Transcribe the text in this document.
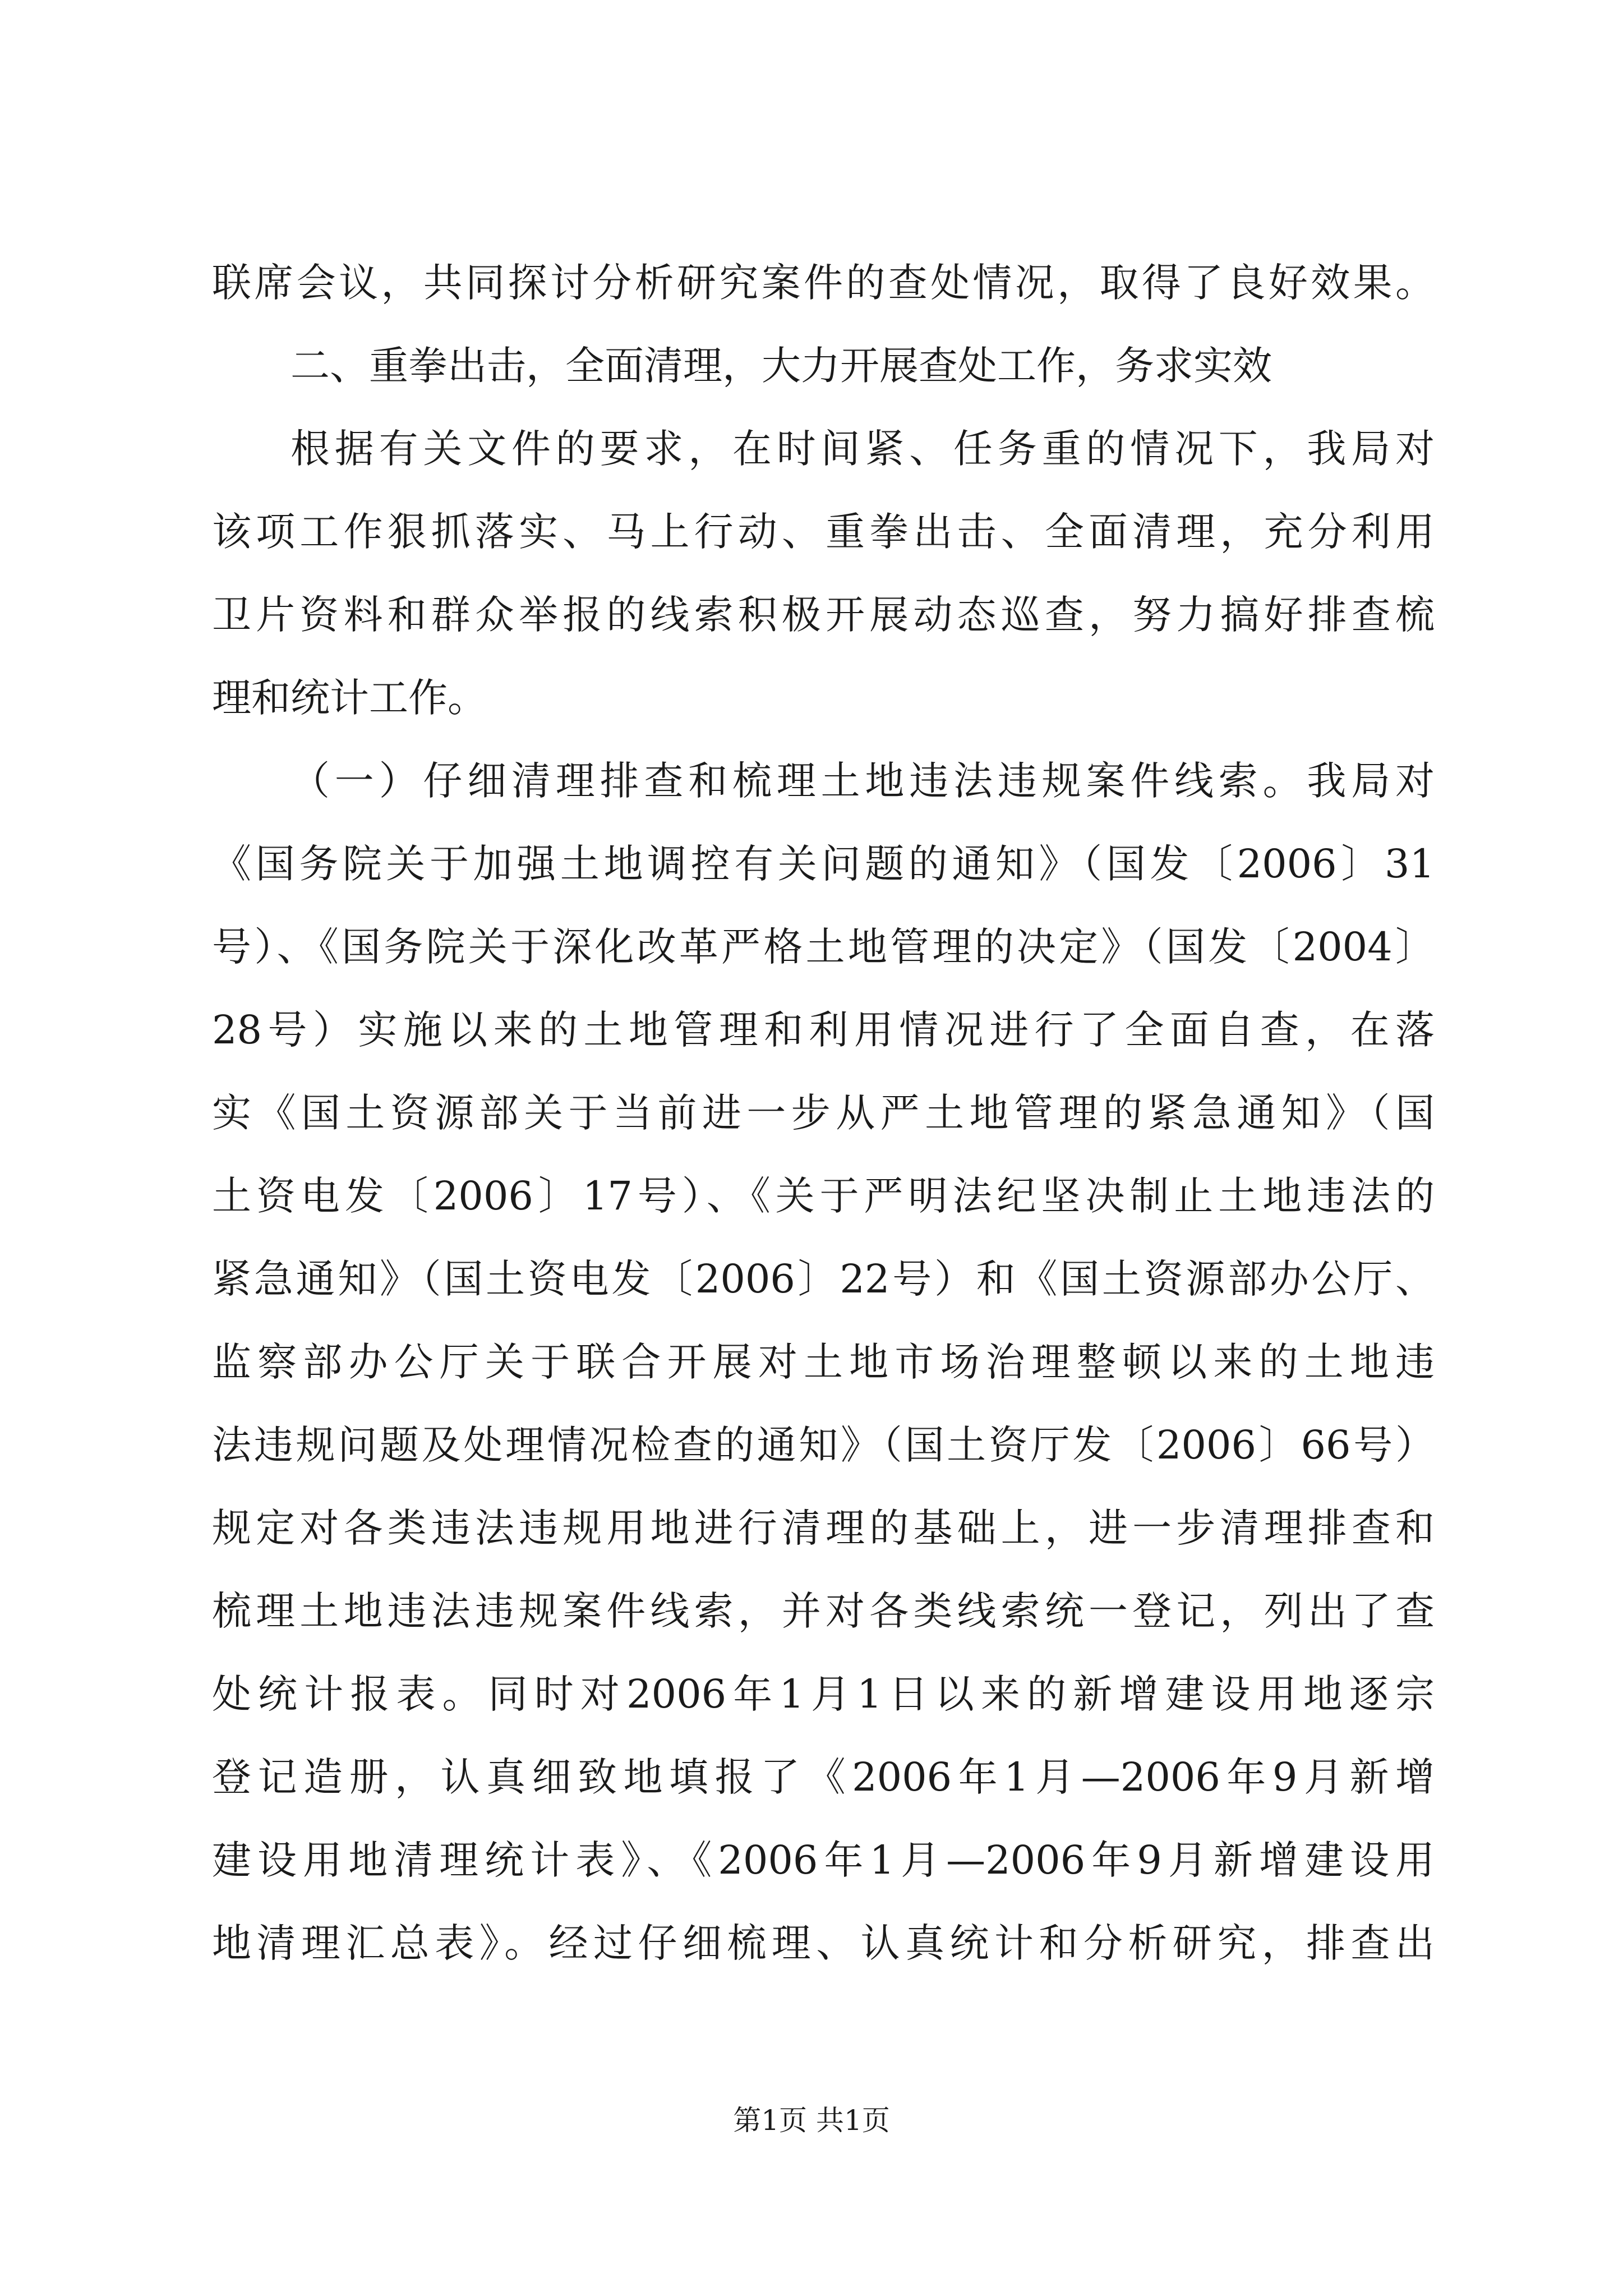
联席会议，共同探讨分析研究案件的查处情况，取得了良好效果。
二、重拳出击，全面清理，大力开展查处工作，务求实效
根据有关文件的要求，在时间紧、任务重的情况下，我局对
该项工作狠抓落实、马上行动、重拳出击、全面清理，充分利用
卫片资料和群众举报的线索积极开展动态巡查，努力搞好排查梳
理和统计工作。
（一）仔细清理排查和梳理土地违法违规案件线索。我局对
《国务院关于加强土地调控有关问题的通知》（国发〔2006〕31
号）、《国务院关于深化改革严格土地管理的决定》（国发〔2004〕
28号）实施以来的土地管理和利用情况进行了全面自查，在落
实《国土资源部关于当前进一步从严土地管理的紧急通知》（国
土资电发〔2006〕17号）、《关于严明法纪坚决制止土地违法的
紧急通知》（国土资电发〔2006〕22号）和《国土资源部办公厅、
监察部办公厅关于联合开展对土地市场治理整顿以来的土地违
法违规问题及处理情况检查的通知》（国土资厅发〔2006〕66号）
规定对各类违法违规用地进行清理的基础上，进一步清理排查和
梳理土地违法违规案件线索，并对各类线索统一登记，列出了查
处统计报表。同时对2006年1月1日以来的新增建设用地逐宗
登记造册，认真细致地填报了《2006年1月—2006年9月新增
建设用地清理统计表》、《2006年1月—2006年9月新增建设用
地清理汇总表》。经过仔细梳理、认真统计和分析研究，排查出
第1页 共1页
